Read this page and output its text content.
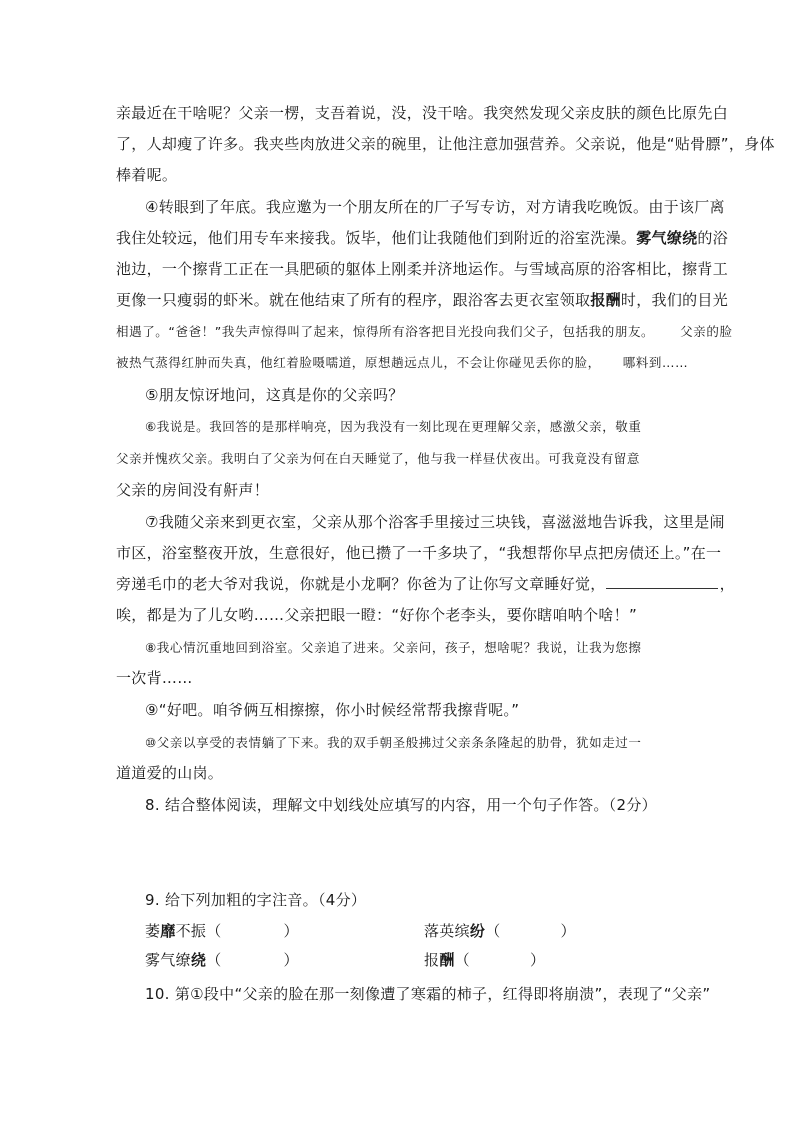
亲最近在干啥呢？父亲一楞，支吾着说，没，没干啥。我突然发现父亲皮肤的颜色比原先白
了，人却瘦了许多。我夹些肉放进父亲的碗里，让他注意加强营养。父亲说，他是“贴骨膘”，身体
棒着呢。
④转眼到了年底。我应邀为一个朋友所在的厂子写专访，对方请我吃晚饭。由于该厂离
我住处较远，他们用专车来接我。饭毕，他们让我随他们到附近的浴室洗澡。雾气缭绕的浴
池边，一个擦背工正在一具肥硕的躯体上刚柔并济地运作。与雪域高原的浴客相比，擦背工
更像一只瘦弱的虾米。就在他结束了所有的程序，跟浴客去更衣室领取报酬时，我们的目光
相遇了。“爸爸！”我失声惊得叫了起来，惊得所有浴客把目光投向我们父子，包括我的朋友。 父亲的脸
被热气蒸得红肿而失真，他红着脸嗫嚅道，原想趟远点儿，不会让你碰见丢你的脸， 哪料到……
⑤朋友惊讶地问，这真是你的父亲吗？
⑥我说是。我回答的是那样响亮，因为我没有一刻比现在更理解父亲，感激父亲，敬重
父亲并愧疚父亲。我明白了父亲为何在白天睡觉了，他与我一样昼伏夜出。可我竟没有留意
父亲的房间没有鼾声！
⑦我随父亲来到更衣室，父亲从那个浴客手里接过三块钱，喜滋滋地告诉我，这里是闹
市区，浴室整夜开放，生意很好，他已攒了一千多块了，“我想帮你早点把房债还上。”在一
旁递毛巾的老大爷对我说，你就是小龙啊？你爸为了让你写文章睡好觉，	，
唉，都是为了儿女哟……父亲把眼一瞪：“好你个老李头，要你瞎咱呐个啥！”
⑧我心情沉重地回到浴室。父亲追了进来。父亲问，孩子，想啥呢？我说，让我为您擦
一次背……
⑨“好吧。咱爷俩互相擦擦，你小时候经常帮我擦背呢。”
⑩父亲以享受的表情躺了下来。我的双手朝圣般拂过父亲条条隆起的肋骨，犹如走过一
道道爱的山岗。
8. 结合整体阅读，理解文中划线处应填写的内容，用一个句子作答。（2分）
9. 给下列加粗的字注音。（4分）
萎靡不振（	）	落英缤纷（	）
雾气缭绕（	）	报酬（	）
10. 第①段中“父亲的脸在那一刻像遭了寒霜的柿子，红得即将崩溃”，表现了“父亲”
